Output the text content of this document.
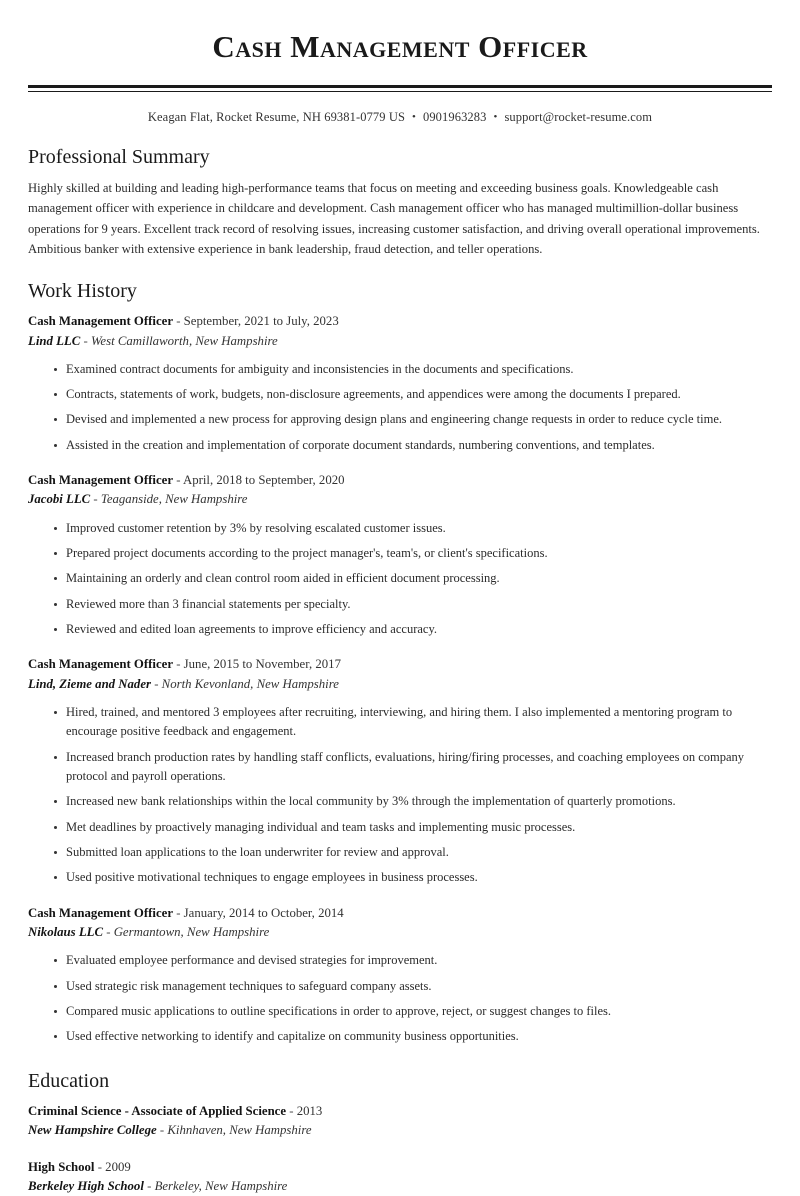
Cash Management Officer
Keagan Flat, Rocket Resume, NH 69381-0779 US • 0901963283 • support@rocket-resume.com
Professional Summary

Highly skilled at building and leading high-performance teams that focus on meeting and exceeding business goals. Knowledgeable cash management officer with experience in childcare and development. Cash management officer who has managed multimillion-dollar business operations for 9 years. Excellent track record of resolving issues, increasing customer satisfaction, and driving overall operational improvements. Ambitious banker with extensive experience in bank leadership, fraud detection, and teller operations.

Work History
Cash Management Officer - September, 2021 to July, 2023
Lind LLC - West Camillaworth, New Hampshire
Examined contract documents for ambiguity and inconsistencies in the documents and specifications.
Contracts, statements of work, budgets, non-disclosure agreements, and appendices were among the documents I prepared.
Devised and implemented a new process for approving design plans and engineering change requests in order to reduce cycle time.
Assisted in the creation and implementation of corporate document standards, numbering conventions, and templates.
Cash Management Officer - April, 2018 to September, 2020
Jacobi LLC - Teaganside, New Hampshire
Improved customer retention by 3% by resolving escalated customer issues.
Prepared project documents according to the project manager's, team's, or client's specifications.
Maintaining an orderly and clean control room aided in efficient document processing.
Reviewed more than 3 financial statements per specialty.
Reviewed and edited loan agreements to improve efficiency and accuracy.
Cash Management Officer - June, 2015 to November, 2017
Lind, Zieme and Nader - North Kevonland, New Hampshire
Hired, trained, and mentored 3 employees after recruiting, interviewing, and hiring them. I also implemented a mentoring program to encourage positive feedback and engagement.
Increased branch production rates by handling staff conflicts, evaluations, hiring/firing processes, and coaching employees on company protocol and payroll operations.
Increased new bank relationships within the local community by 3% through the implementation of quarterly promotions.
Met deadlines by proactively managing individual and team tasks and implementing music processes.
Submitted loan applications to the loan underwriter for review and approval.
Used positive motivational techniques to engage employees in business processes.
Cash Management Officer - January, 2014 to October, 2014
Nikolaus LLC - Germantown, New Hampshire
Evaluated employee performance and devised strategies for improvement.
Used strategic risk management techniques to safeguard company assets.
Compared music applications to outline specifications in order to approve, reject, or suggest changes to files.
Used effective networking to identify and capitalize on community business opportunities.
Education
Criminal Science - Associate of Applied Science - 2013
New Hampshire College - Kihnhaven, New Hampshire
High School - 2009
Berkeley High School - Berkeley, New Hampshire
